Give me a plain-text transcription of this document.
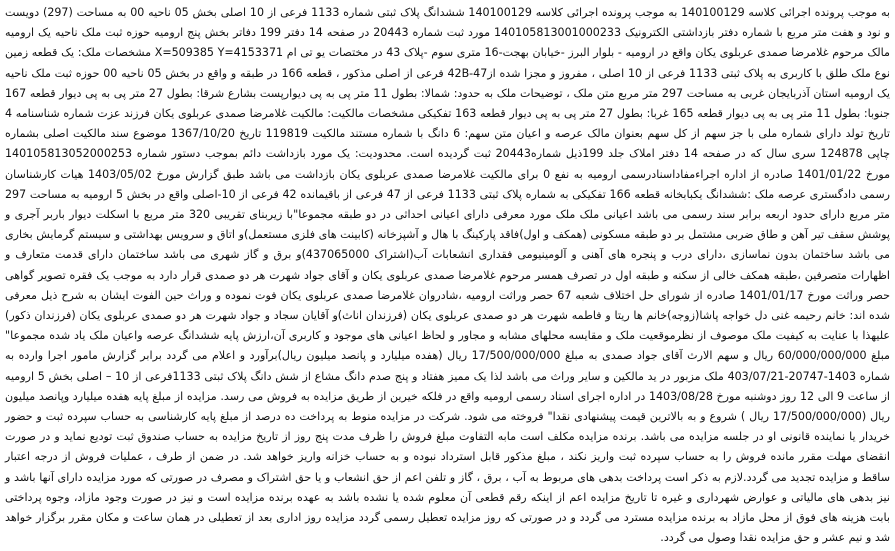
به موجب پرونده اجرائی کلاسه 140100129 به موجب پرونده اجرائی کلاسه 140100129 ششدانگ پلاک ثبتی شماره 1133 فرعی از 10 اصلی بخش 05 ناحیه 00 به مساحت (297) دویست و نود و هفت متر مربع با شماره دفتر بازداشتی الکترونیک 140105813001000233 مورد ثبت شماره 20443 در صفحه 14 دفتر 199 دفاتر بخش پنج ارومیه حوزه ثبت ملک ناحیه یک ارومیه مالک مرحوم غلامرضا صمدی عربلوی یکان واقع در ارومیه - بلوار البرز -خیابان بهجت-16 متری سوم -پلاک 43 در مختصات یو تی ام X=509385 Y=4153371 مشخصات ملک: یک قطعه زمین نوع ملک طلق با کاربری به پلاک ثبتی 1133 فرعی از 10 اصلی ، مفروز و مجزا شده از42B-47 فرعی از اصلی مذکور ، قطعه 166 در طبقه و واقع در بخش 05 ناحیه 00 حوزه ثبت ملک ناحیه یک ارومیه استان آذربایجان غربی به مساحت 297 متر مربع متن ملک ، توضیحات ملک به حدود: شمالا: بطول 11 متر پی به پی دیوارپست بشارع شرقا: بطول 27 متر پی به پی دیوار قطعه 167 جنوبا: بطول 11 متر پی به پی دیوار قطعه 165 غربا: بطول 27 متر پی به پی دیوار قطعه 163 تفکیکی مشخصات مالکیت: مالکیت غلامرضا صمدی عربلوی یکان فرزند عزت شماره شناسنامه 4 تاریخ تولد دارای شماره ملی با جز سهم از کل سهم بعنوان مالک عرصه و اعیان متن سهم: 6 دانگ با شماره مستند مالکیت 119819 تاریخ 1367/10/20 موضوع سند مالکیت اصلی بشماره چاپی 124878 سری سال که در صفحه 14 دفتر املاک جلد 199ذیل شماره20443 ثبت گردیده است. محدودیت: یک مورد بازداشت دائم بموجب دستور شماره 140105813052000253 مورخ 1401/01/22 صادره از اداره اجراءمفاداسنادرسمی ارومیه به نفع 0 برای مالکیت غلامرضا صمدی عربلوی یکان بازداشت می باشد طبق گزارش مورخ 1403/05/02 هیات کارشناسان رسمی دادگستری عرصه ملک :ششدانگ یکبابخانه قطعه 166 تفکیکی به شماره پلاک ثبتی 1133 فرعی از 47 فرعی از باقیمانده 42 فرعی از 10-اصلی واقع در بخش 5 ارومیه به مساحت 297 متر مربع دارای حدود اربعه برابر سند رسمی می باشد اعیانی ملک ملک مورد معرفی دارای اعیانی احداثی در دو طبقه مجموعا"با زیربنای تقریبی 320 متر مربع با اسکلت دیوار باربر آجری و پوشش سقف تیر آهن و طاق ضربی مشتمل بر دو طبقه مسکونی (همکف و اول)فاقد پارکینگ با هال و آشپزخانه (کابینت های فلزی مستعمل)و اتاق و سرویس بهداشتی و سیستم گرمایش بخاری می باشد ساختمان بدون نماسازی ،دارای درب و پنجره های آهنی و آلومینیومی فقداری انشعابات آب(اشتراک 437065000)و برق و گاز شهری می باشد ساختمان دارای قدمت متعارف و اظهارات متصرفین ،طبقه همکف خالی از سکنه و طبقه اول در تصرف همسر مرحوم غلامرضا صمدی عربلوی یکان و آقای جواد شهرت هر دو صمدی قرار دارد به موجب یک فقره تصویر گواهی حصر وراثت مورخ 1401/01/17 صادره از شورای حل اختلاف شعبه 67 حصر وراثت ارومیه ،شادروان غلامرضا صمدی عربلوی یکان فوت نموده و وراث حین الفوت ایشان به شرح ذیل معرفی شده اند: خانم رحیمه غنی دل خواجه پاشا(زوجه)خانم ها ریتا و فاطمه شهرت هر دو صمدی عربلوی یکان (فرزندان اناث)و آقایان سجاد و جواد شهرت هر دو صمدی عربلوی یکان (فرزندان ذکور) علیهذا با عنایت به کیفیت ملک موصوف از نظرموقعیت ملک و مقایسه محلهای مشابه و مجاور و لحاظ اعیانی های موجود و کاربری آن،ارزش پایه ششدانگ عرصه واعیان ملک یاد شده مجموعا" مبلغ 60/000/000/000 ریال و سهم الارث آقای جواد صمدی به مبلغ 17/500/000/000 ریال (هفده میلیارد و پانصد میلیون ریال)برآورد و اعلام می گردد برابر گزارش مامور اجرا وارده به شماره 1403-20747-403/07/21 ملک مزبور در ید مالکین و سایر وراث می باشد لذا یک ممیز هفتاد و پنج صدم دانگ مشاع از شش دانگ پلاک ثبتی 1133فرعی از 10 – اصلی بخش 5 ارومیه از ساعت 9 الی 12 روز دوشنبه مورخ 1403/08/28 در اداره اجرای اسناد رسمی ارومیه واقع در فلکه خیرین از طریق مزایده به فروش می رسد. مزایده از مبلغ پایه هفده میلیارد وپانصد میلیون ریال (17/500/000/000 ریال ) شروع و به بالاترین قیمت پیشنهادی نقدا" فروخته می شود. شرکت در مزایده منوط به پرداخت ده درصد از مبلغ پایه کارشناسی به حساب سپرده ثبت و حضور خریدار یا نماینده قانونی او در جلسه مزایده می باشد. برنده مزایده مکلف است مابه التفاوت مبلغ فروش را ظرف مدت پنج روز از تاریخ مزایده به حساب صندوق ثبت تودیع نماید و در صورت انقضای مهلت مقرر مانده فروش را به حساب سپرده ثبت واریز نکند ، مبلغ مذکور قابل استرداد نبوده و به حساب خزانه واریز خواهد شد. در ضمن از طرف ، عملیات فروش از درجه اعتبار ساقط و مزایده تجدید می گردد.لازم به ذکر است پرداخت بدهی های مربوط به آب ، برق ، گاز و تلفن اعم از حق انشعاب و یا حق اشتراک و مصرف در صورتی که مورد مزایده دارای آنها باشد و نیز بدهی های مالیاتی و عوارض شهرداری و غیره تا تاریخ مزایده اعم از اینکه رقم قطعی آن معلوم شده یا نشده باشد به عهده برنده مزایده است و نیز در صورت وجود مازاد، وجوه پرداختی بابت هزینه های فوق از محل مازاد به برنده مزایده مسترد می گردد و در صورتی که روز مزایده تعطیل رسمی گردد مزایده روز اداری بعد از تعطیلی در همان ساعت و مکان مقرر برگزار خواهد شد و نیم عشر و حق مزایده نقدا وصول می گردد.
